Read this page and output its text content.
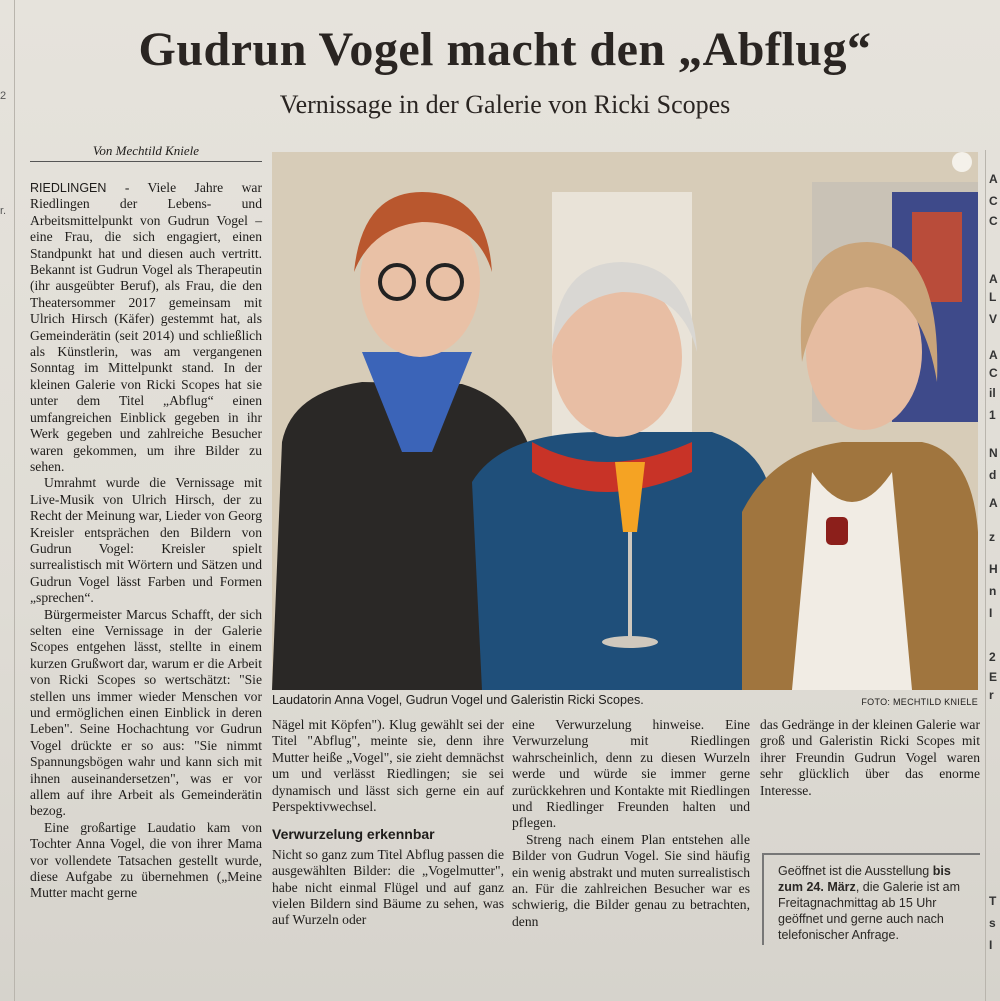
2
r.
A
C
C
A
L
V
A
C
il
1
N
d
A
z
H
n
I
2
E
r
T
s
I
Gudrun Vogel macht den „Abflug“
Vernissage in der Galerie von Ricki Scopes
Von Mechtild Kniele

RIEDLINGEN - Viele Jahre war Riedlingen der Lebens- und Arbeitsmittelpunkt von Gudrun Vogel – eine Frau, die sich engagiert, einen Standpunkt hat und diesen auch vertritt. Bekannt ist Gudrun Vogel als Therapeutin (ihr ausgeübter Beruf), als Frau, die den Theatersommer 2017 gemeinsam mit Ulrich Hirsch (Käfer) gestemmt hat, als Gemeinderätin (seit 2014) und schließlich als Künstlerin, was am vergangenen Sonntag im Mittelpunkt stand. In der kleinen Galerie von Ricki Scopes hat sie unter dem Titel „Abflug“ einen umfangreichen Einblick gegeben in ihr Werk gegeben und zahlreiche Besucher waren gekommen, um ihre Bilder zu sehen.

Umrahmt wurde die Vernissage mit Live-Musik von Ulrich Hirsch, der zu Recht der Meinung war, Lieder von Georg Kreisler entsprächen den Bildern von Gudrun Vogel: Kreisler spielt surrealistisch mit Wörtern und Sätzen und Gudrun Vogel lässt Farben und Formen „sprechen“.

Bürgermeister Marcus Schafft, der sich selten eine Vernissage in der Galerie Scopes entgehen lässt, stellte in einem kurzen Grußwort dar, warum er die Arbeit von Ricki Scopes so wertschätzt: "Sie stellen uns immer wieder Menschen vor und ermöglichen einen Einblick in deren Leben". Seine Hochachtung vor Gudrun Vogel drückte er so aus: "Sie nimmt Spannungsbögen wahr und kann sich mit ihnen auseinandersetzen", was er vor allem auf ihre Arbeit als Gemeinderätin bezog.

Eine großartige Laudatio kam von Tochter Anna Vogel, die von ihrer Mama vor vollendete Tatsachen gestellt wurde, diese Aufgabe zu übernehmen („Meine Mutter macht gerne

Laudatorin Anna Vogel, Gudrun Vogel und Galeristin Ricki Scopes.	FOTO: MECHTILD KNIELE

Nägel mit Köpfen"). Klug gewählt sei der Titel "Abflug", meinte sie, denn ihre Mutter heiße „Vogel", sie zieht demnächst um und verlässt Riedlingen; sie sei dynamisch und lässt sich gerne ein auf Perspektivwechsel.

Verwurzelung erkennbar

Nicht so ganz zum Titel Abflug passen die ausgewählten Bilder: die „Vogelmutter", habe nicht einmal Flügel und auf ganz vielen Bildern sind Bäume zu sehen, was auf Wurzeln oder

eine Verwurzelung hinweise. Eine Verwurzelung mit Riedlingen wahrscheinlich, denn zu diesen Wurzeln werde und würde sie immer gerne zurückkehren und Kontakte mit Riedlingen und Riedlinger Freunden halten und pflegen.

Streng nach einem Plan entstehen alle Bilder von Gudrun Vogel. Sie sind häufig ein wenig abstrakt und muten surrealistisch an. Für die zahlreichen Besucher war es schwierig, die Bilder genau zu betrachten, denn

das Gedränge in der kleinen Galerie war groß und Galeristin Ricki Scopes mit ihrer Freundin Gudrun Vogel waren sehr glücklich über das enorme Interesse.

Geöffnet ist die Ausstellung bis zum 24. März, die Galerie ist am Freitagnachmittag ab 15 Uhr geöffnet und gerne auch nach telefonischer Anfrage.
